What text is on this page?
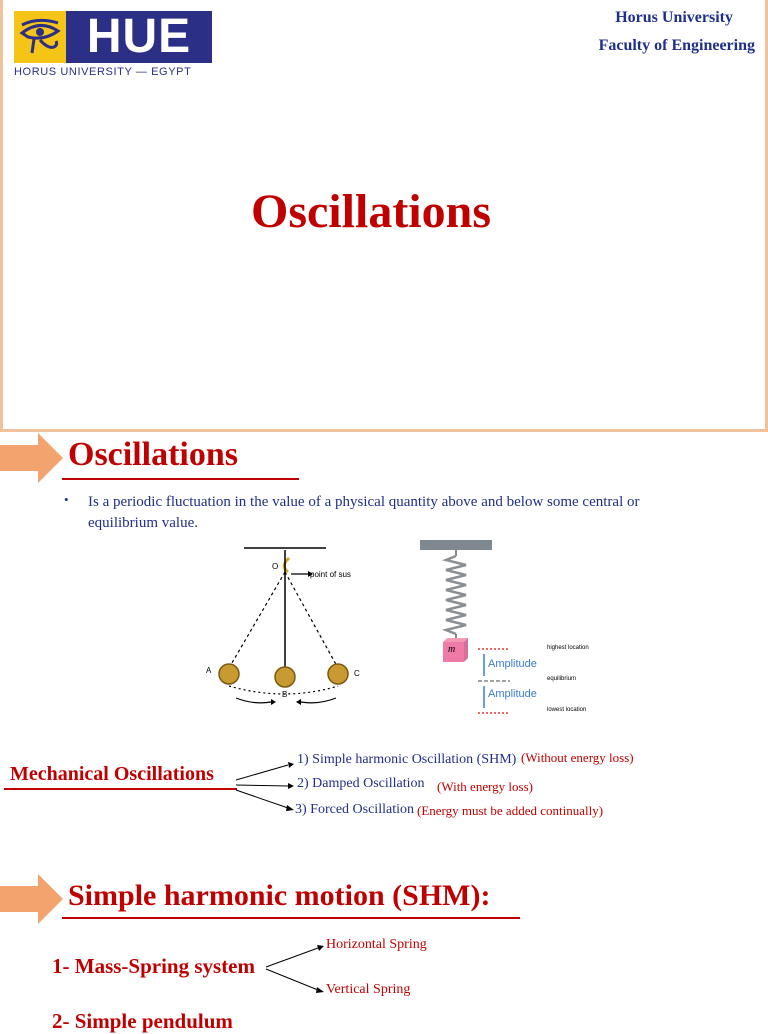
HUE
HORUS UNIVERSITY — EGYPT
Horus University
Faculty of Engineering
Oscillations
Oscillations
• Is a periodic fluctuation in the value of a physical quantity above and below some central or equilibrium value.
O
point of sus
A
B
C
m
Amplitude
Amplitude
highest location
equilibrium
lowest location
Mechanical Oscillations
1) Simple harmonic Oscillation (SHM) (Without energy loss)
2) Damped Oscillation (With energy loss)
3) Forced Oscillation (Energy must be added continually)
Simple harmonic motion (SHM):
1- Mass-Spring system
Horizontal Spring
Vertical Spring
2- Simple pendulum
